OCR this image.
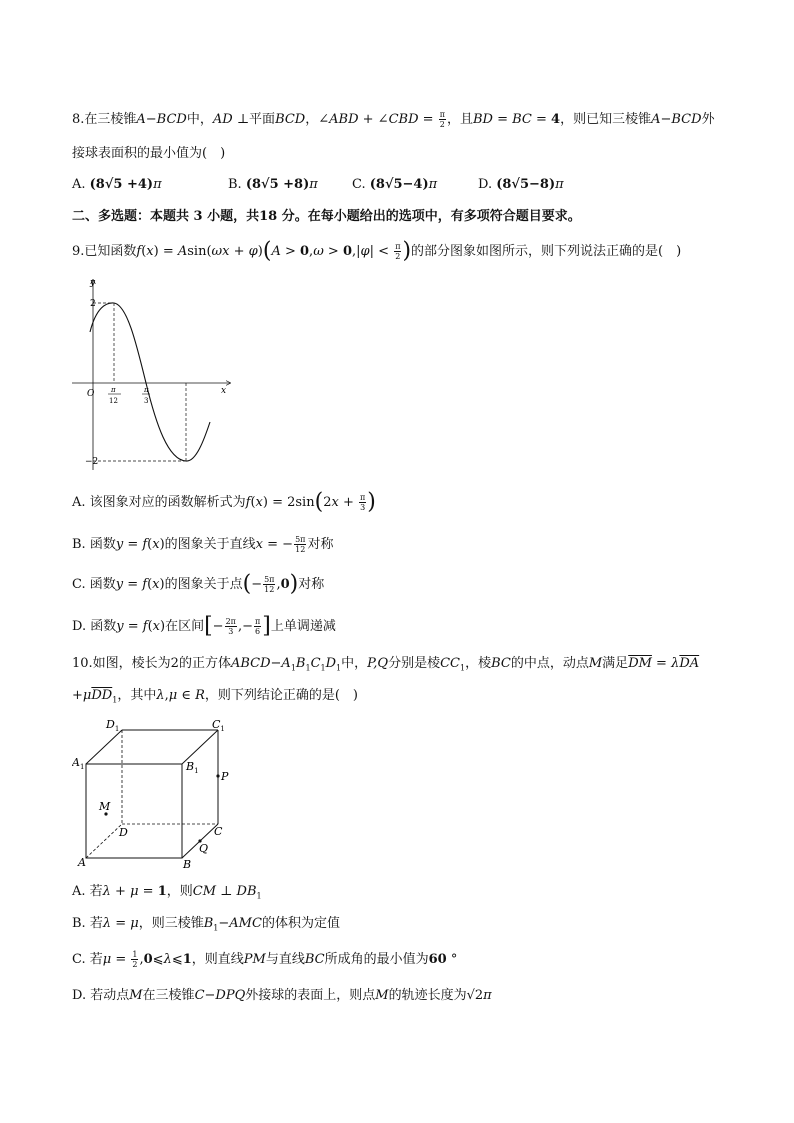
8.在三棱锥A−BCD中，AD ⊥平面BCD，∠ABD + ∠CBD = $\frac{\pi}{2}$ ，且BD = BC = 4，则已知三棱锥A−BCD外
接球表面积的最小值为(　)
A. (8√5 +4)π	B. (8√5 +8)π	C. (8√5−4)π	D. (8√5−8)π
二、多选题：本题共 3 小题，共18 分。在每小题给出的选项中，有多项符合题目要求。
9.已知函数$f(x) = Asin(\omega x + \varphi)(A > 0,\omega > 0,|\varphi| < \frac{\pi}{2}$ )的部分图象如图所示，则下列说法正确的是(　)
y
x
O
2
−2
π
12
π
3
A. 该图象对应的函数解析式为$f(x) = 2\sin(2x + \frac{\pi}{3}$ )
B. 函数y = f(x)的图象关于直线x = − $\frac{5\pi}{12}$ 对称
C. 函数y = f(x)的图象关于点(− $\frac{5\pi}{12} ,0$)对称
D. 函数y = f(x)在区间[− $\frac{2\pi}{3}$ ,− $\frac{\pi}{6}$ ]上单调递减
10.如图，棱长为2的正方体$ABCD-A_1B_1C_1D_1$中，P,Q分别是棱$CC_1$，棱BC的中点，动点M满足$\overline{DM} = \lambda\overline{DA}$
$+\mu\overline{DD}_1$，其中λ,μ ∈ R，则下列结论正确的是(　)
$D_1$	$C_1$
$A_1$	$B_1$ P
M
D	C
Q
A	B
A. 若λ + μ = 1，则CM ⊥ $DB_1$
B. 若λ = μ，则三棱锥$B_1-AMC$的体积为定值
C. 若$\mu = \frac{1}{2}$ ,0⩽λ⩽1，则直线PM与直线BC所成角的最小值为60 °
D. 若动点M在三棱锥C−DPQ外接球的表面上，则点M的轨迹长度为√2π
